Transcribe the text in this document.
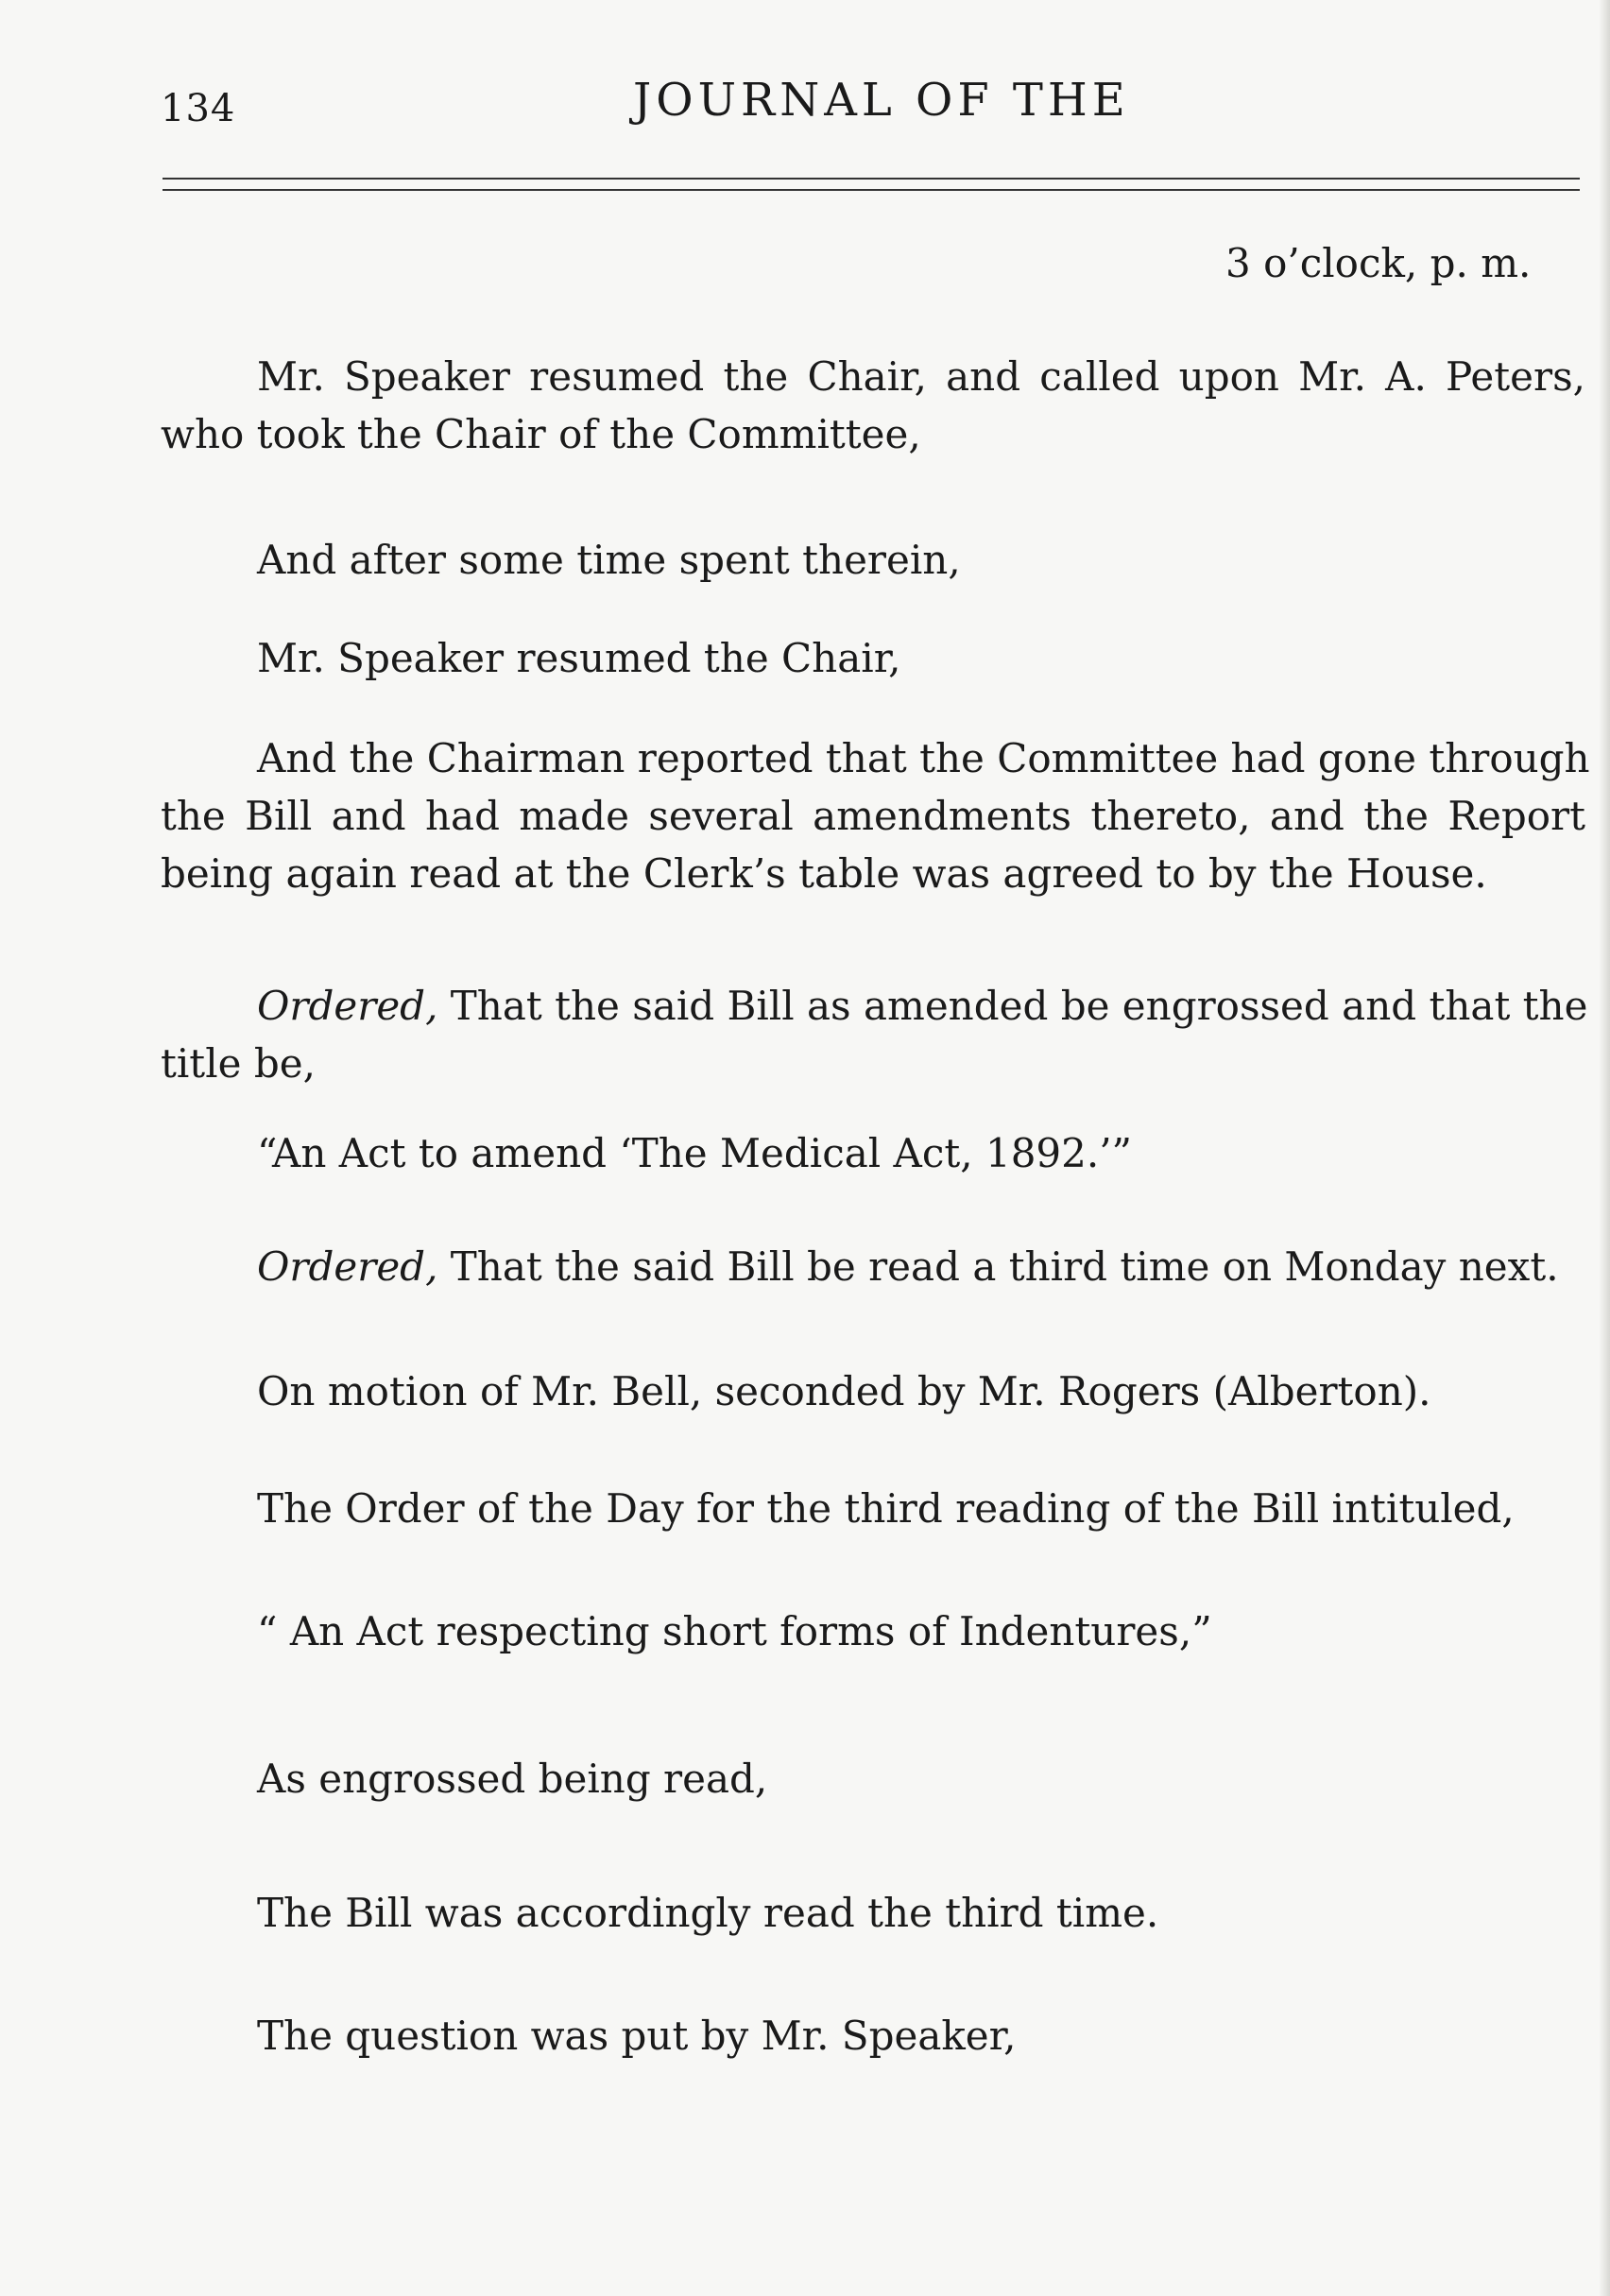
134	JOURNAL OF THE
3 o’clock, p. m.

Mr. Speaker resumed the Chair, and called upon Mr. A. Peters,
who took the Chair of the Committee,

And after some time spent therein,

Mr. Speaker resumed the Chair,

And the Chairman reported that the Committee had gone through
the Bill and had made several amendments thereto, and the Report
being again read at the Clerk’s table was agreed to by the House.

Ordered, That the said Bill as amended be engrossed and that the
title be,

“An Act to amend ‘The Medical Act, 1892.’”

Ordered, That the said Bill be read a third time on Monday next.

On motion of Mr. Bell, seconded by Mr. Rogers (Alberton).

The Order of the Day for the third reading of the Bill intituled,

“ An Act respecting short forms of Indentures,”

As engrossed being read,

The Bill was accordingly read the third time.

The question was put by Mr. Speaker,
